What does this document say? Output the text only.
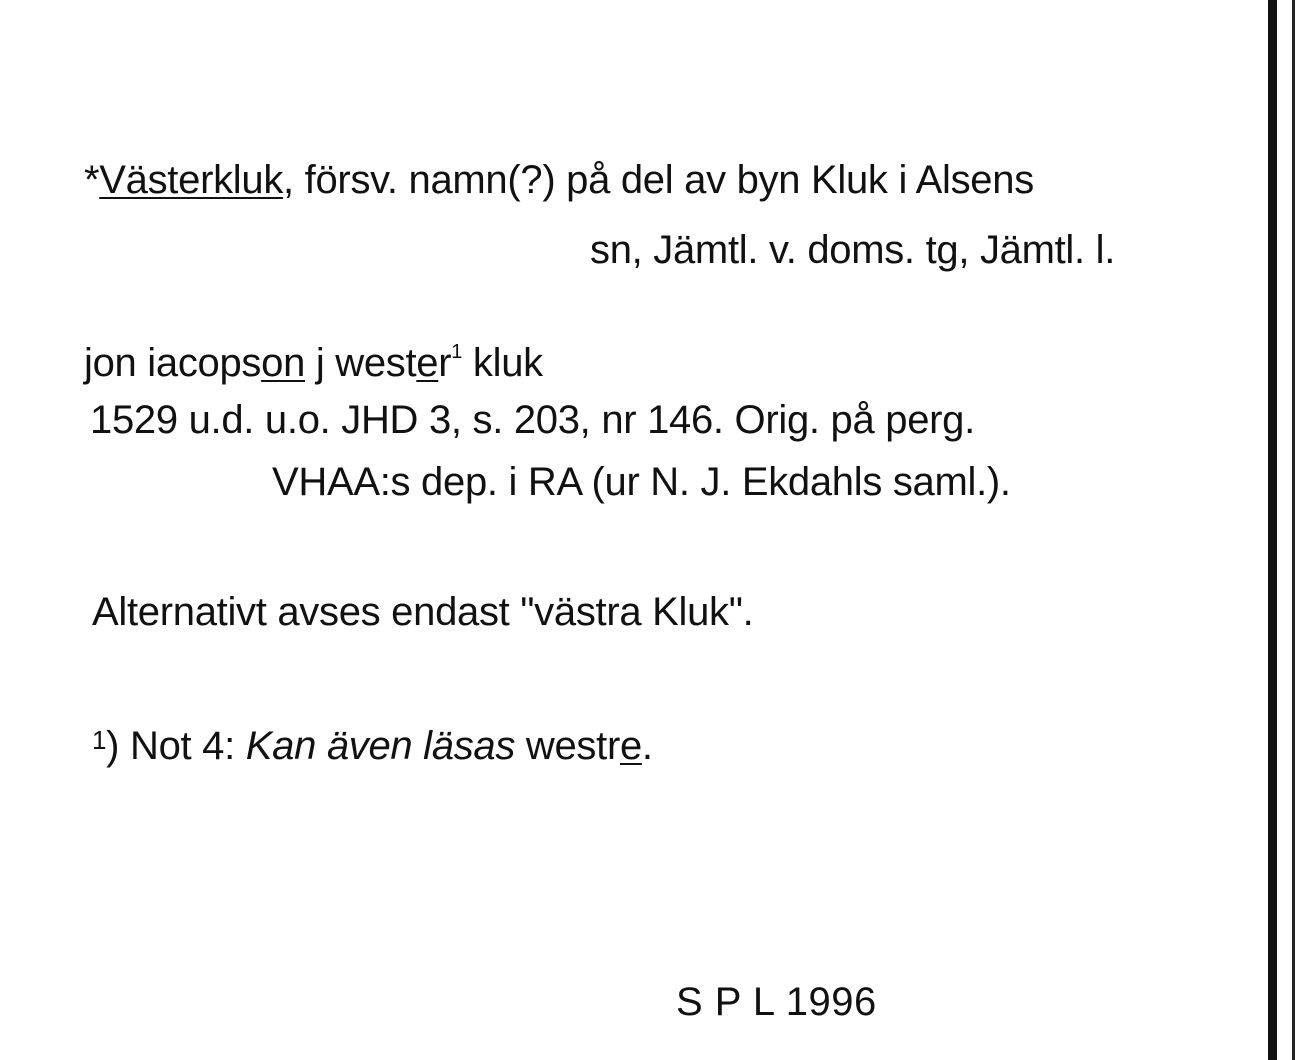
*Västerkluk, försv. namn(?) på del av byn Kluk i Alsens
sn, Jämtl. v. doms. tg, Jämtl. l.
jon iacopson j wester$^1$ kluk
1529 u.d. u.o. JHD 3, s. 203, nr 146. Orig. på perg.
VHAA:s dep. i RA (ur N. J. Ekdahls saml.).
Alternativt avses endast "västra Kluk".
$^1$) Not 4: Kan även läsas westre.
S P L 1996
